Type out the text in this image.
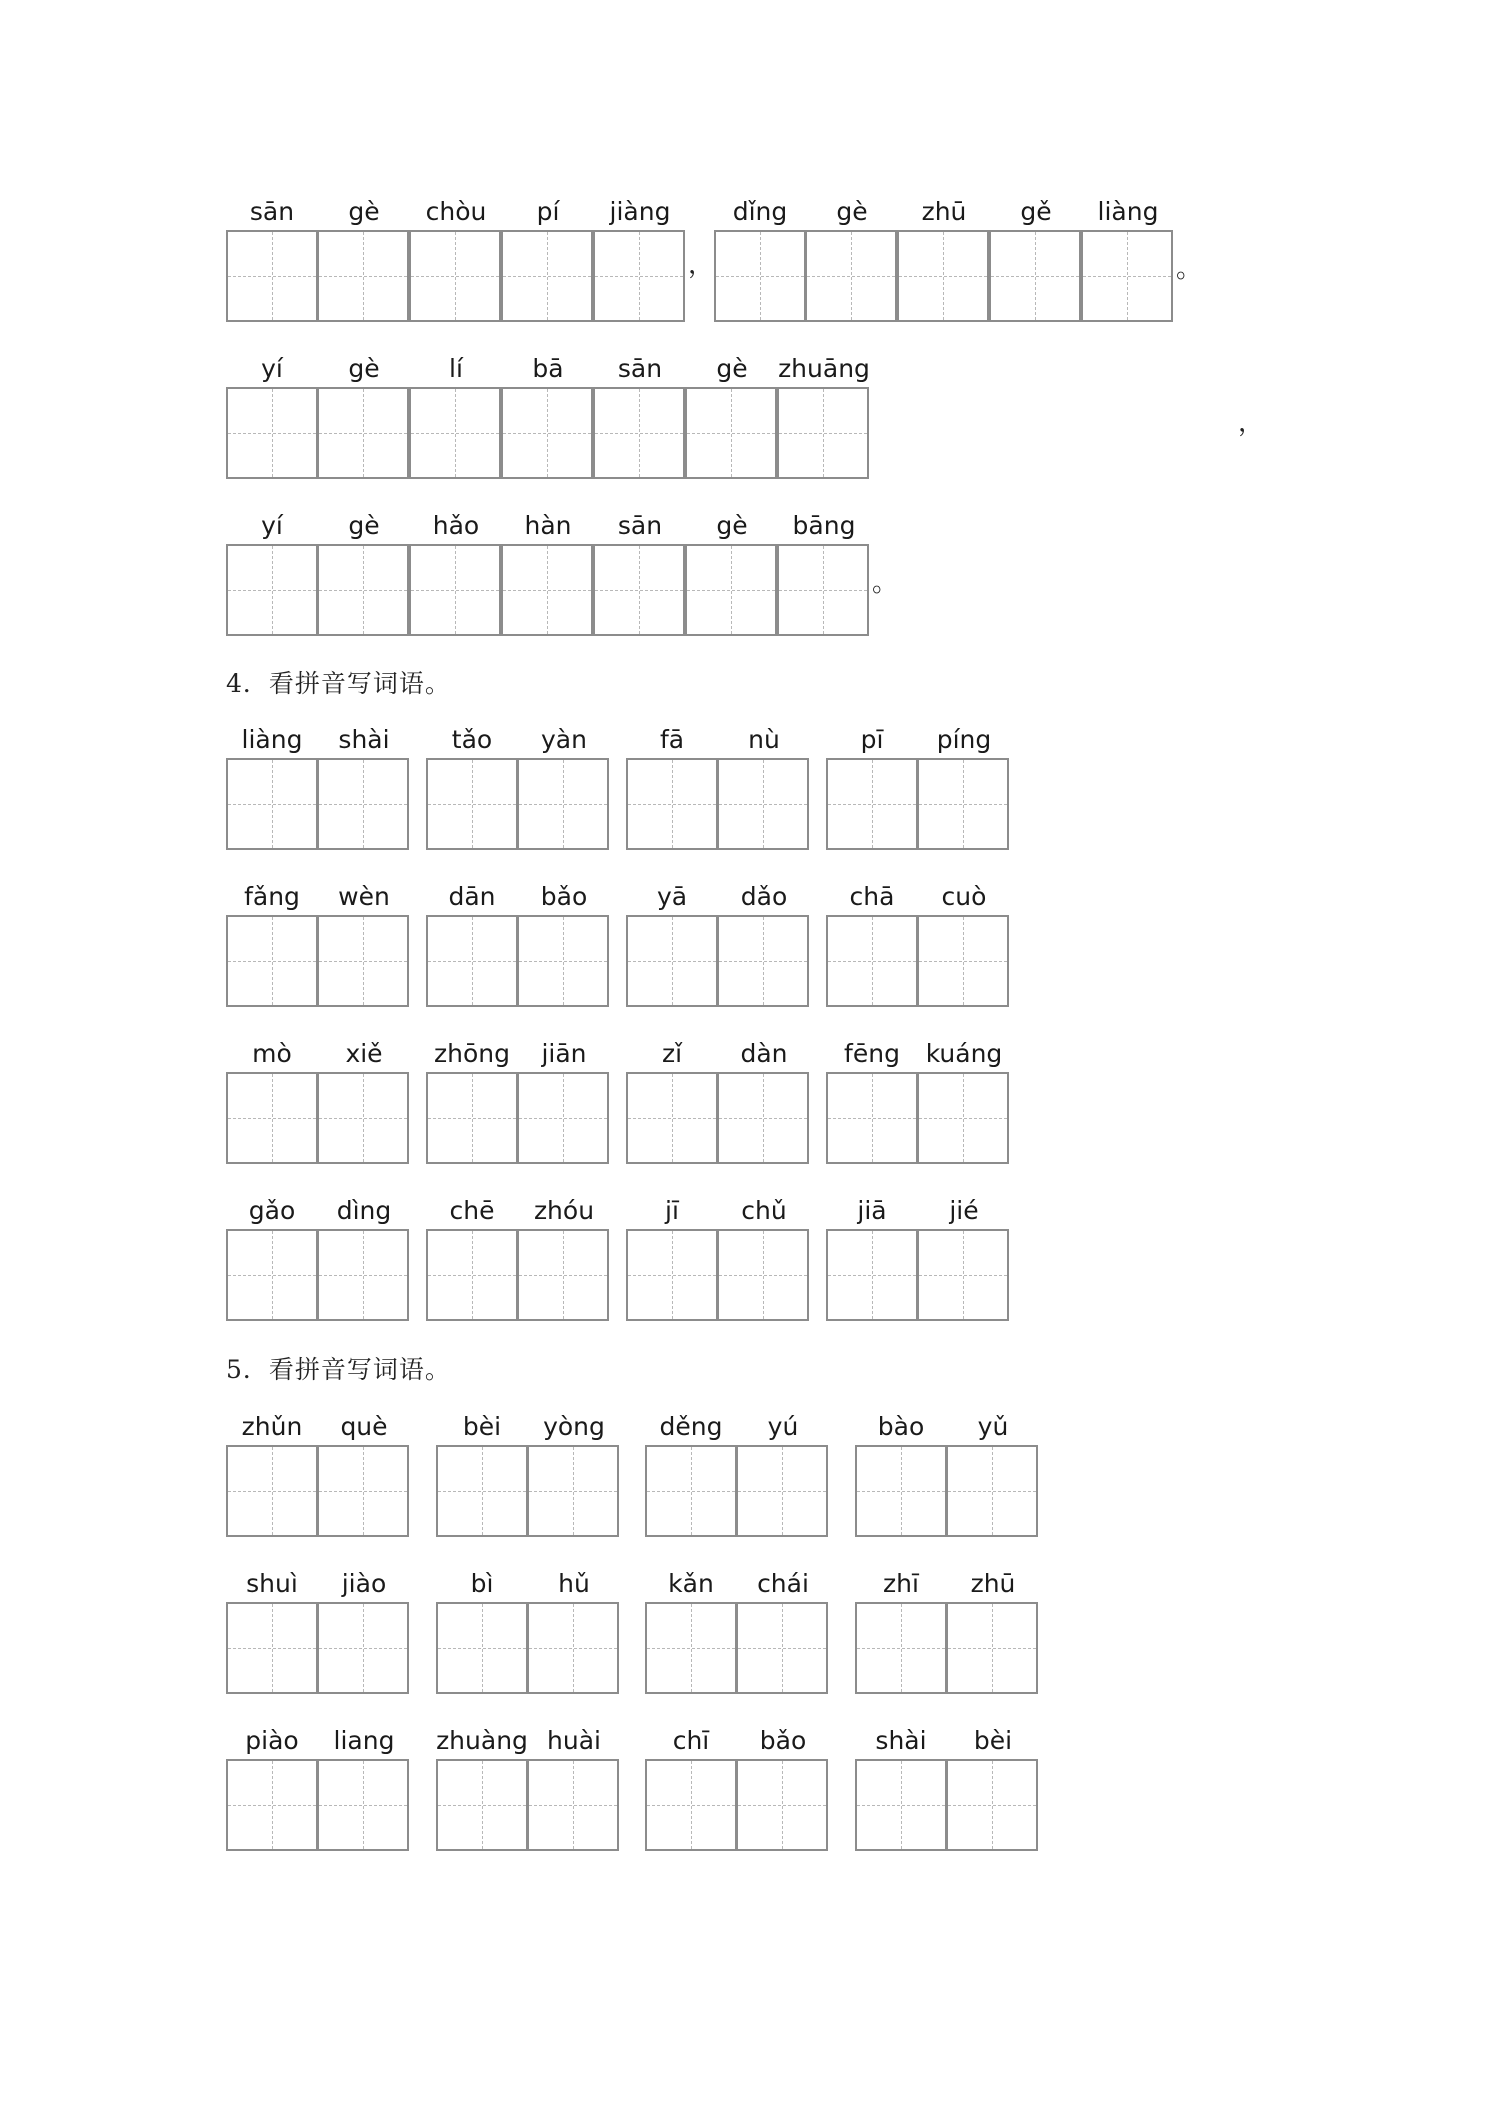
sān	gè	chòu	pí	jiàng
，
dǐng	gè	zhū	gě	liàng
。
yí	gè	lí	bā	sān	gè	zhuāng
，
yí	gè	hǎo	hàn	sān	gè	bāng
。
4．看拼音写词语。
liàng	shài	tǎo	yàn	fā	nù	pī	píng
fǎng	wèn	dān	bǎo	yā	dǎo	chā	cuò
mò	xiě	zhōng	jiān	zǐ	dàn	fēng	kuáng
gǎo	dìng	chē	zhóu	jī	chǔ	jiā	jié
5．看拼音写词语。
zhǔn	què	bèi	yòng	děng	yú	bào	yǔ
shuì	jiào	bì	hǔ	kǎn	chái	zhī	zhū
piào	liang	zhuàng huài	chī	bǎo	shài	bèi
